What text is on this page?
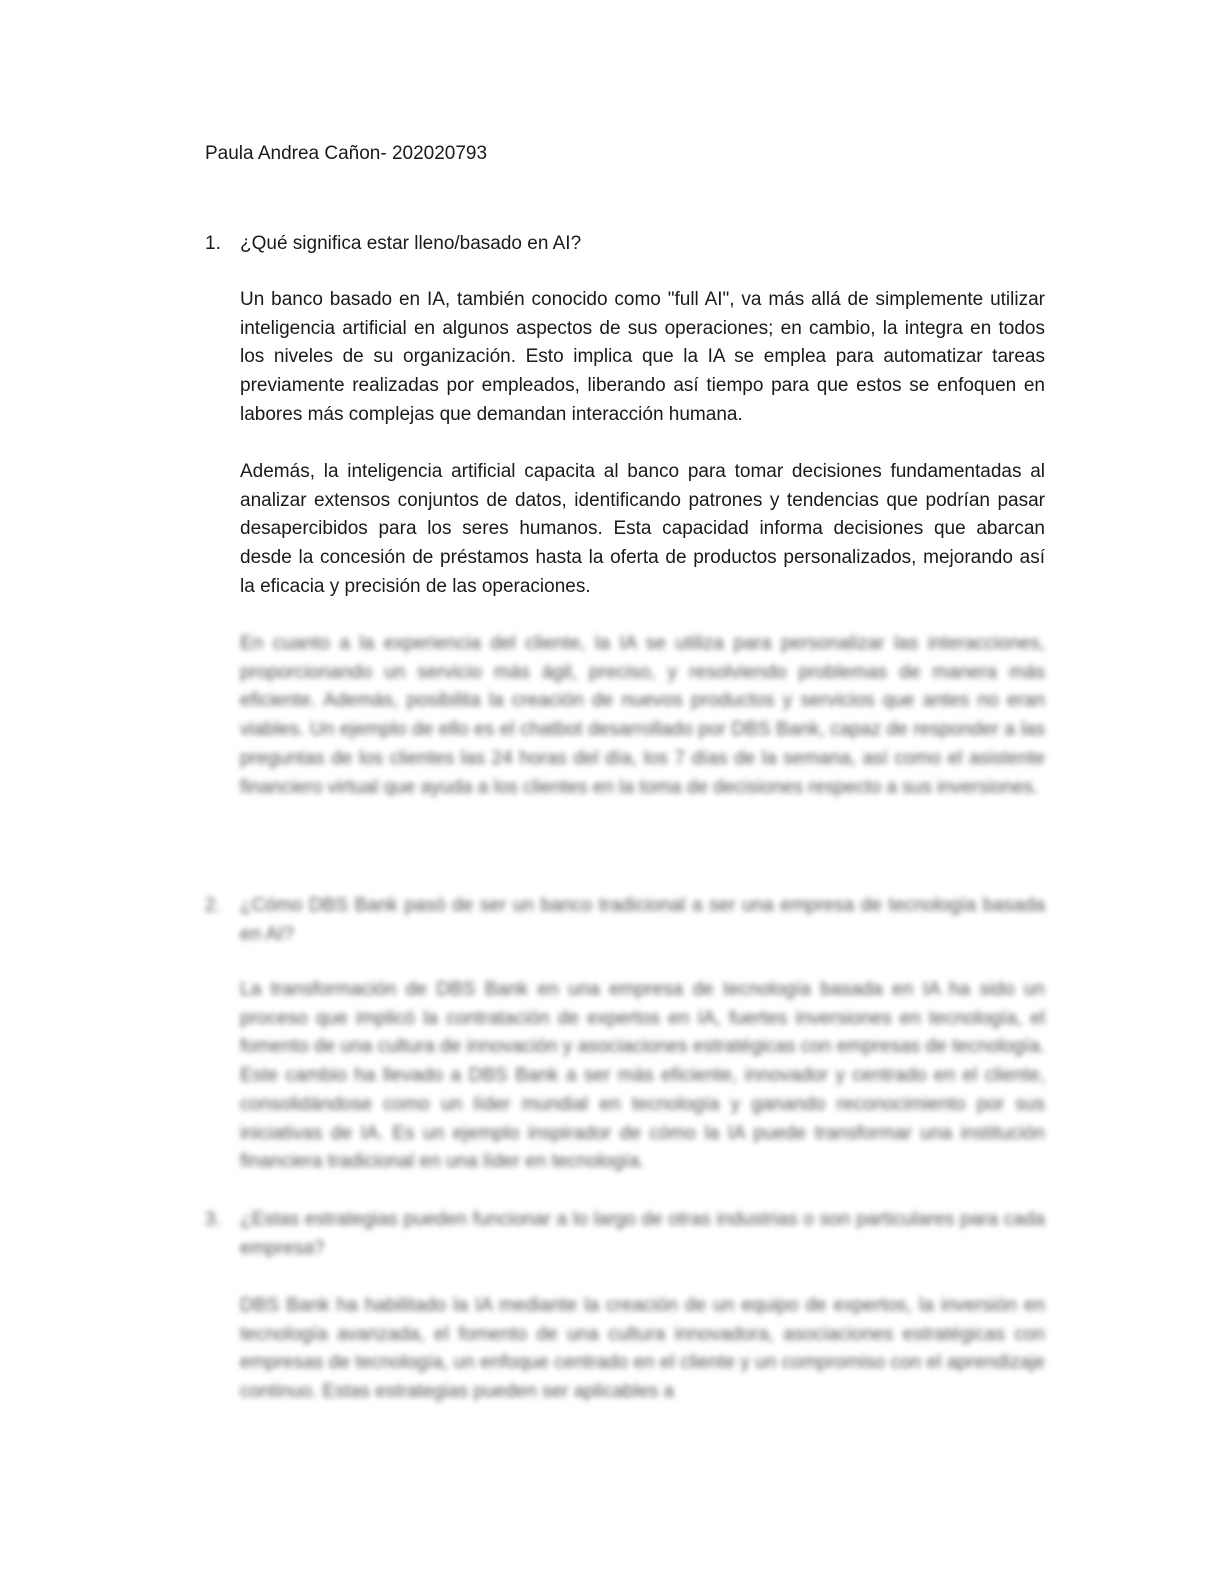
Paula Andrea Cañon- 202020793
1. ¿Qué significa estar lleno/basado en AI?
Un banco basado en IA, también conocido como "full AI", va más allá de simplemente utilizar inteligencia artificial en algunos aspectos de sus operaciones; en cambio, la integra en todos los niveles de su organización. Esto implica que la IA se emplea para automatizar tareas previamente realizadas por empleados, liberando así tiempo para que estos se enfoquen en labores más complejas que demandan interacción humana.
Además, la inteligencia artificial capacita al banco para tomar decisiones fundamentadas al analizar extensos conjuntos de datos, identificando patrones y tendencias que podrían pasar desapercibidos para los seres humanos. Esta capacidad informa decisiones que abarcan desde la concesión de préstamos hasta la oferta de productos personalizados, mejorando así la eficacia y precisión de las operaciones.
En cuanto a la experiencia del cliente, la IA se utiliza para personalizar las interacciones, proporcionando un servicio más ágil, preciso, y resolviendo problemas de manera más eficiente. Además, posibilita la creación de nuevos productos y servicios que antes no eran viables. Un ejemplo de ello es el chatbot desarrollado por DBS Bank, capaz de responder a las preguntas de los clientes las 24 horas del día, los 7 días de la semana, así como el asistente financiero virtual que ayuda a los clientes en la toma de decisiones respecto a sus inversiones.
2. ¿Cómo DBS Bank pasó de ser un banco tradicional a ser una empresa de tecnología basada en AI?
La transformación de DBS Bank en una empresa de tecnología basada en IA ha sido un proceso que implicó la contratación de expertos en IA, fuertes inversiones en tecnología, el fomento de una cultura de innovación y asociaciones estratégicas con empresas de tecnología. Este cambio ha llevado a DBS Bank a ser más eficiente, innovador y centrado en el cliente, consolidándose como un líder mundial en tecnología y ganando reconocimiento por sus iniciativas de IA. Es un ejemplo inspirador de cómo la IA puede transformar una institución financiera tradicional en una líder en tecnología.
3. ¿Estas estrategias pueden funcionar a lo largo de otras industrias o son particulares para cada empresa?
DBS Bank ha habilitado la IA mediante la creación de un equipo de expertos, la inversión en tecnología avanzada, el fomento de una cultura innovadora, asociaciones estratégicas con empresas de tecnología, un enfoque centrado en el cliente y un compromiso con el aprendizaje continuo. Estas estrategias pueden ser aplicables a
